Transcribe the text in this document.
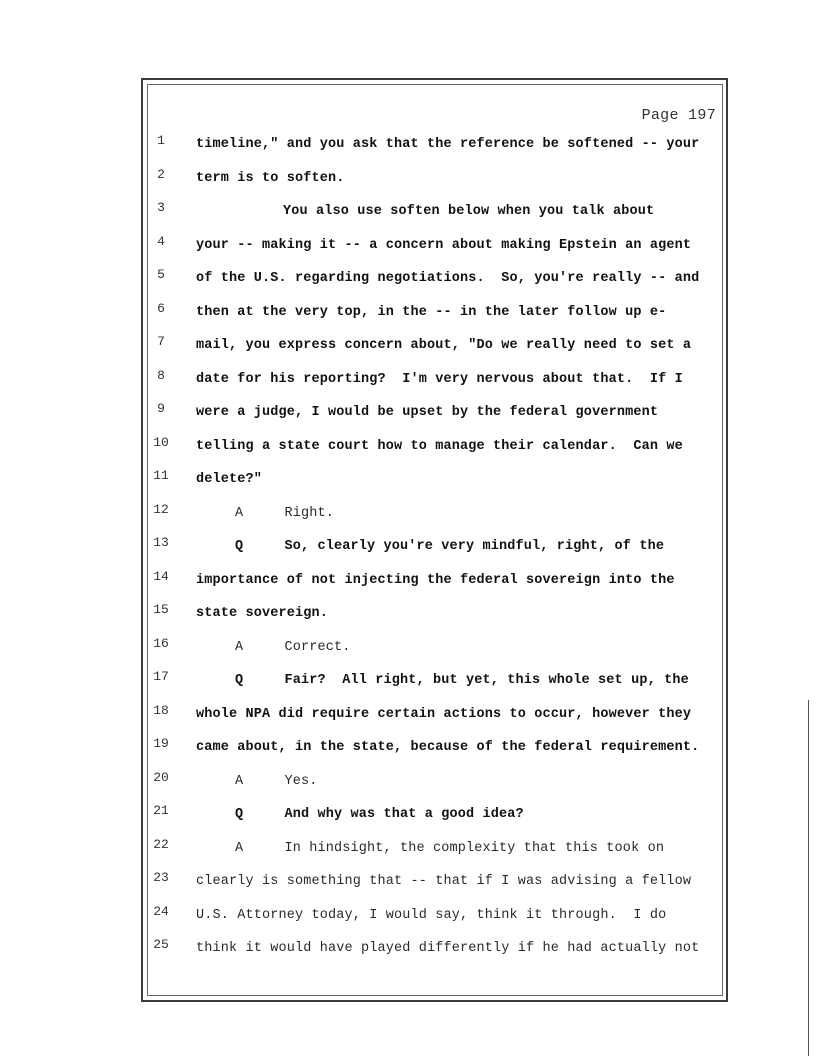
Page 197
1	timeline," and you ask that the reference be softened -- your
2	term is to soften.
3	You also use soften below when you talk about
4	your -- making it -- a concern about making Epstein an agent
5	of the U.S. regarding negotiations.  So, you're really -- and
6	then at the very top, in the -- in the later follow up e-
7	mail, you express concern about, "Do we really need to set a
8	date for his reporting?  I'm very nervous about that.  If I
9	were a judge, I would be upset by the federal government
10 telling a state court how to manage their calendar.  Can we
11 delete?"
12	A     Right.
13	Q     So, clearly you're very mindful, right, of the
14 importance of not injecting the federal sovereign into the
15 state sovereign.
16	A     Correct.
17	Q     Fair?  All right, but yet, this whole set up, the
18 whole NPA did require certain actions to occur, however they
19 came about, in the state, because of the federal requirement.
20	A     Yes.
21	Q     And why was that a good idea?
22	A     In hindsight, the complexity that this took on
23 clearly is something that -- that if I was advising a fellow
24 U.S. Attorney today, I would say, think it through.  I do
25 think it would have played differently if he had actually not
